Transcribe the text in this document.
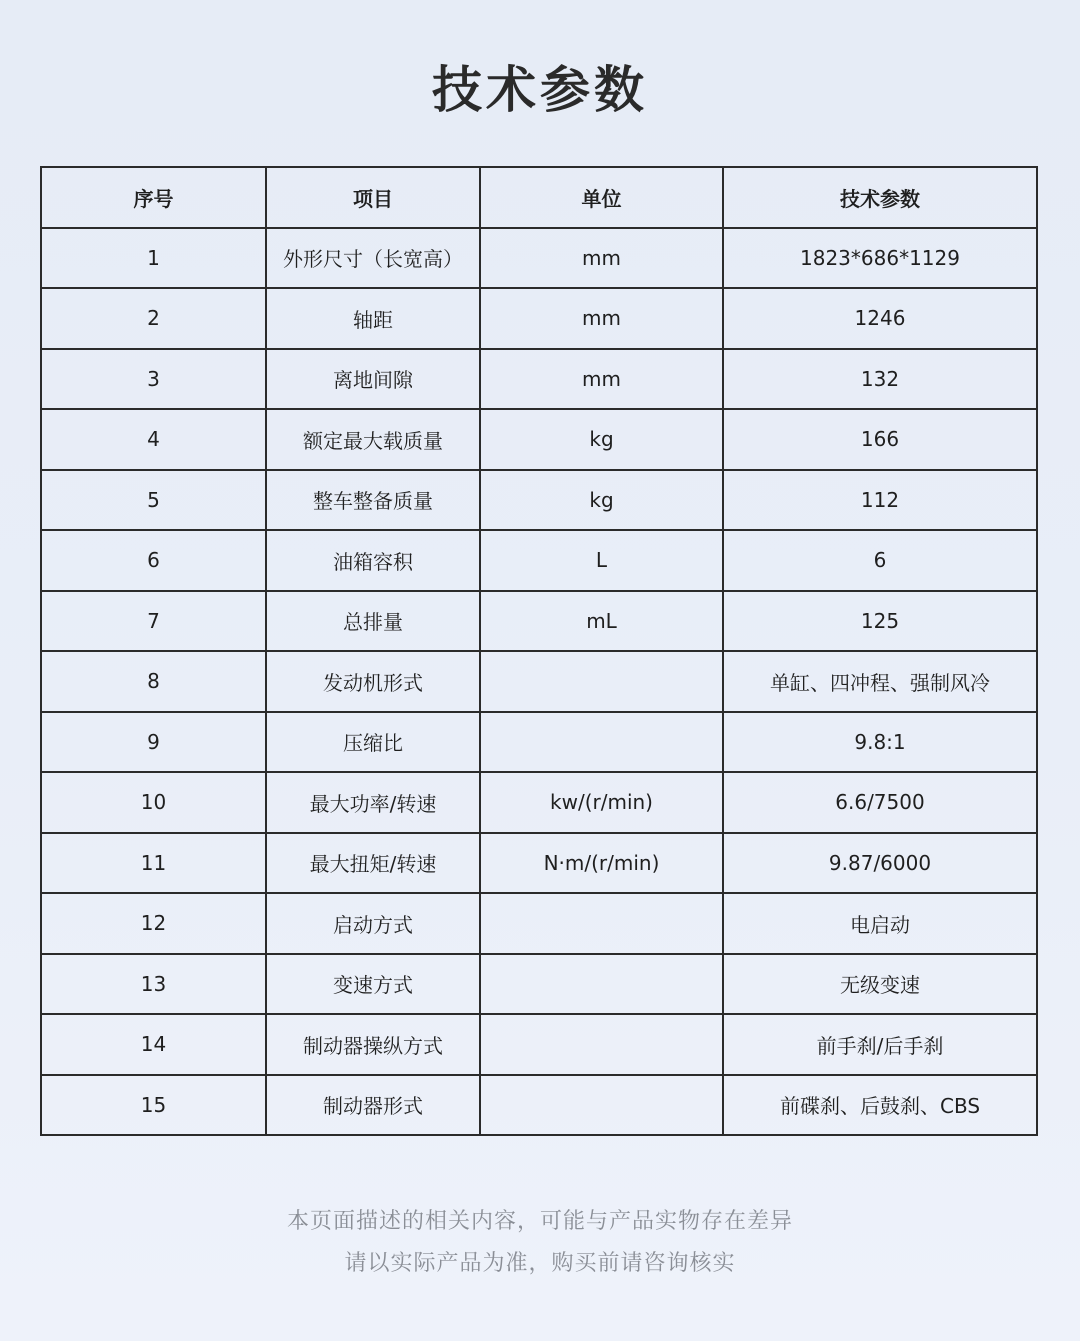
技术参数
序号	项目	单位	技术参数
1	外形尺寸（长宽高）	mm	1823*686*1129
2	轴距	mm	1246
3	离地间隙	mm	132
4	额定最大载质量	kg	166
5	整车整备质量	kg	112
6	油箱容积	L	6
7	总排量	mL	125
8	发动机形式		单缸、四冲程、强制风冷
9	压缩比		9.8:1
10	最大功率/转速	kw/(r/min)	6.6/7500
11	最大扭矩/转速	N·m/(r/min)	9.87/6000
12	启动方式		电启动
13	变速方式		无级变速
14	制动器操纵方式		前手刹/后手刹
15	制动器形式		前碟刹、后鼓刹、CBS

本页面描述的相关内容，可能与产品实物存在差异

请以实际产品为准，购买前请咨询核实
